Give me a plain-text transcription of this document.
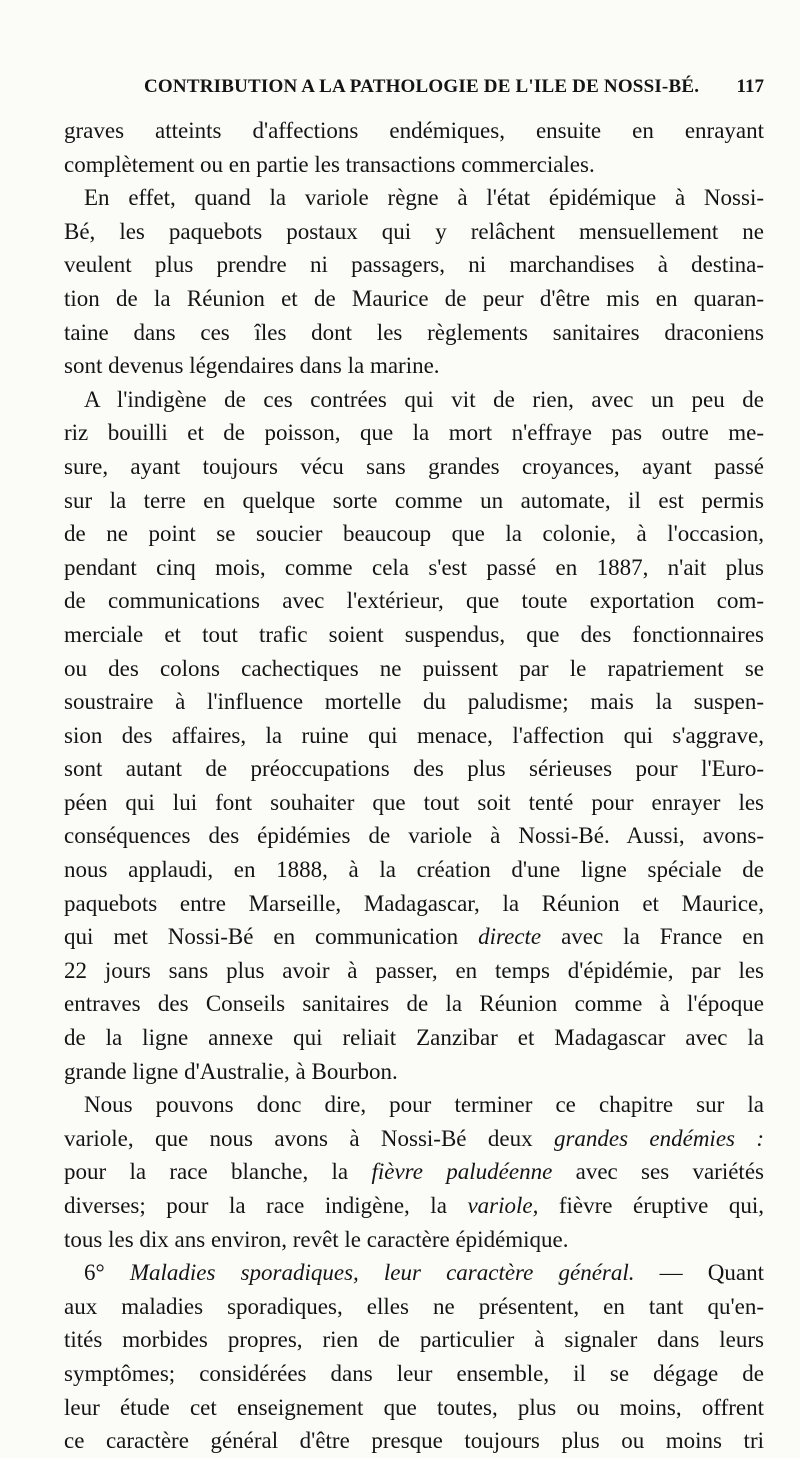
CONTRIBUTION A LA PATHOLOGIE DE L'ILE DE NOSSI-BÉ. 117
graves atteints d'affections endémiques, ensuite en enrayant
complètement ou en partie les transactions commerciales.
En effet, quand la variole règne à l'état épidémique à Nossi-
Bé, les paquebots postaux qui y relâchent mensuellement ne
veulent plus prendre ni passagers, ni marchandises à destina-
tion de la Réunion et de Maurice de peur d'être mis en quaran-
taine dans ces îles dont les règlements sanitaires draconiens
sont devenus légendaires dans la marine.
A l'indigène de ces contrées qui vit de rien, avec un peu de
riz bouilli et de poisson, que la mort n'effraye pas outre me-
sure, ayant toujours vécu sans grandes croyances, ayant passé
sur la terre en quelque sorte comme un automate, il est permis
de ne point se soucier beaucoup que la colonie, à l'occasion,
pendant cinq mois, comme cela s'est passé en 1887, n'ait plus
de communications avec l'extérieur, que toute exportation com-
merciale et tout trafic soient suspendus, que des fonctionnaires
ou des colons cachectiques ne puissent par le rapatriement se
soustraire à l'influence mortelle du paludisme; mais la suspen-
sion des affaires, la ruine qui menace, l'affection qui s'aggrave,
sont autant de préoccupations des plus sérieuses pour l'Euro-
péen qui lui font souhaiter que tout soit tenté pour enrayer les
conséquences des épidémies de variole à Nossi-Bé. Aussi, avons-
nous applaudi, en 1888, à la création d'une ligne spéciale de
paquebots entre Marseille, Madagascar, la Réunion et Maurice,
qui met Nossi-Bé en communication directe avec la France en
22 jours sans plus avoir à passer, en temps d'épidémie, par les
entraves des Conseils sanitaires de la Réunion comme à l'époque
de la ligne annexe qui reliait Zanzibar et Madagascar avec la
grande ligne d'Australie, à Bourbon.
Nous pouvons donc dire, pour terminer ce chapitre sur la
variole, que nous avons à Nossi-Bé deux grandes endémies :
pour la race blanche, la fièvre paludéenne avec ses variétés
diverses; pour la race indigène, la variole, fièvre éruptive qui,
tous les dix ans environ, revêt le caractère épidémique.
6° Maladies sporadiques, leur caractère général. — Quant
aux maladies sporadiques, elles ne présentent, en tant qu'en-
tités morbides propres, rien de particulier à signaler dans leurs
symptômes; considérées dans leur ensemble, il se dégage de
leur étude cet enseignement que toutes, plus ou moins, offrent
ce caractère général d'être presque toujours plus ou moins tri
